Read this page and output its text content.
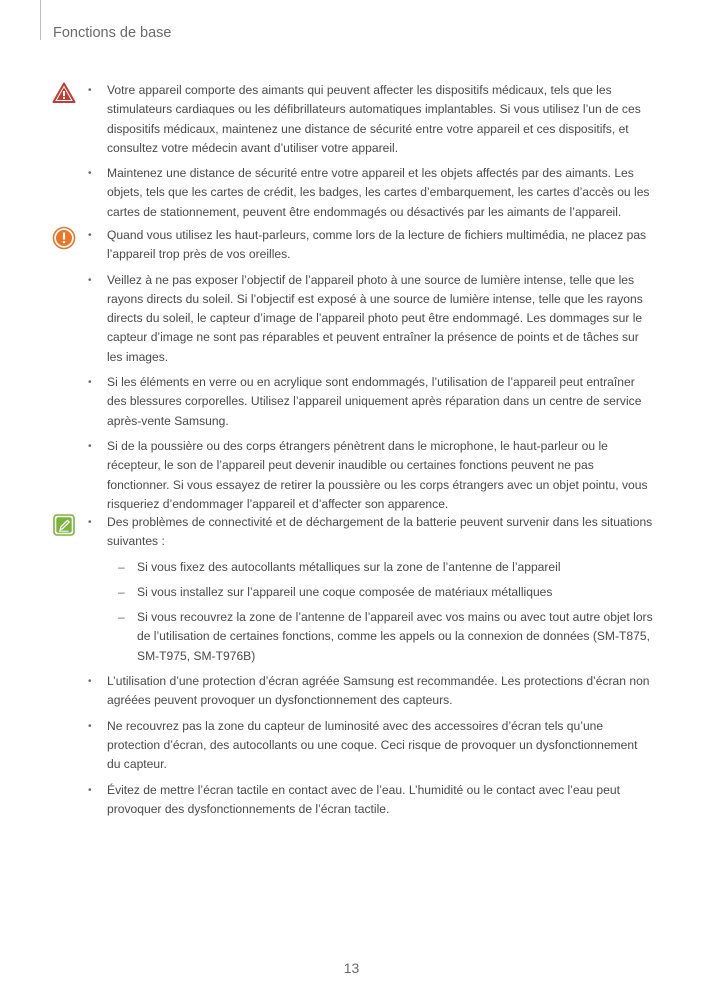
Fonctions de base
• Votre appareil comporte des aimants qui peuvent affecter les dispositifs médicaux, tels que les stimulateurs cardiaques ou les défibrillateurs automatiques implantables. Si vous utilisez l’un de ces dispositifs médicaux, maintenez une distance de sécurité entre votre appareil et ces dispositifs, et consultez votre médecin avant d’utiliser votre appareil.
• Maintenez une distance de sécurité entre votre appareil et les objets affectés par des aimants. Les objets, tels que les cartes de crédit, les badges, les cartes d’embarquement, les cartes d’accès ou les cartes de stationnement, peuvent être endommagés ou désactivés par les aimants de l’appareil.
• Quand vous utilisez les haut-parleurs, comme lors de la lecture de fichiers multimédia, ne placez pas l’appareil trop près de vos oreilles.
• Veillez à ne pas exposer l’objectif de l’appareil photo à une source de lumière intense, telle que les rayons directs du soleil. Si l’objectif est exposé à une source de lumière intense, telle que les rayons directs du soleil, le capteur d’image de l’appareil photo peut être endommagé. Les dommages sur le capteur d’image ne sont pas réparables et peuvent entraîner la présence de points et de tâches sur les images.
• Si les éléments en verre ou en acrylique sont endommagés, l’utilisation de l’appareil peut entraîner des blessures corporelles. Utilisez l’appareil uniquement après réparation dans un centre de service après-vente Samsung.
• Si de la poussière ou des corps étrangers pénètrent dans le microphone, le haut-parleur ou le récepteur, le son de l’appareil peut devenir inaudible ou certaines fonctions peuvent ne pas fonctionner. Si vous essayez de retirer la poussière ou les corps étrangers avec un objet pointu, vous risqueriez d’endommager l’appareil et d’affecter son apparence.
• Des problèmes de connectivité et de déchargement de la batterie peuvent survenir dans les situations suivantes :
– Si vous fixez des autocollants métalliques sur la zone de l’antenne de l’appareil
– Si vous installez sur l’appareil une coque composée de matériaux métalliques
– Si vous recouvrez la zone de l’antenne de l’appareil avec vos mains ou avec tout autre objet lors de l’utilisation de certaines fonctions, comme les appels ou la connexion de données (SM-T875, SM-T975, SM-T976B)
• L’utilisation d’une protection d’écran agréée Samsung est recommandée. Les protections d’écran non agréées peuvent provoquer un dysfonctionnement des capteurs.
• Ne recouvrez pas la zone du capteur de luminosité avec des accessoires d’écran tels qu’une protection d’écran, des autocollants ou une coque. Ceci risque de provoquer un dysfonctionnement du capteur.
• Évitez de mettre l’écran tactile en contact avec de l’eau. L’humidité ou le contact avec l’eau peut provoquer des dysfonctionnements de l’écran tactile.
13
